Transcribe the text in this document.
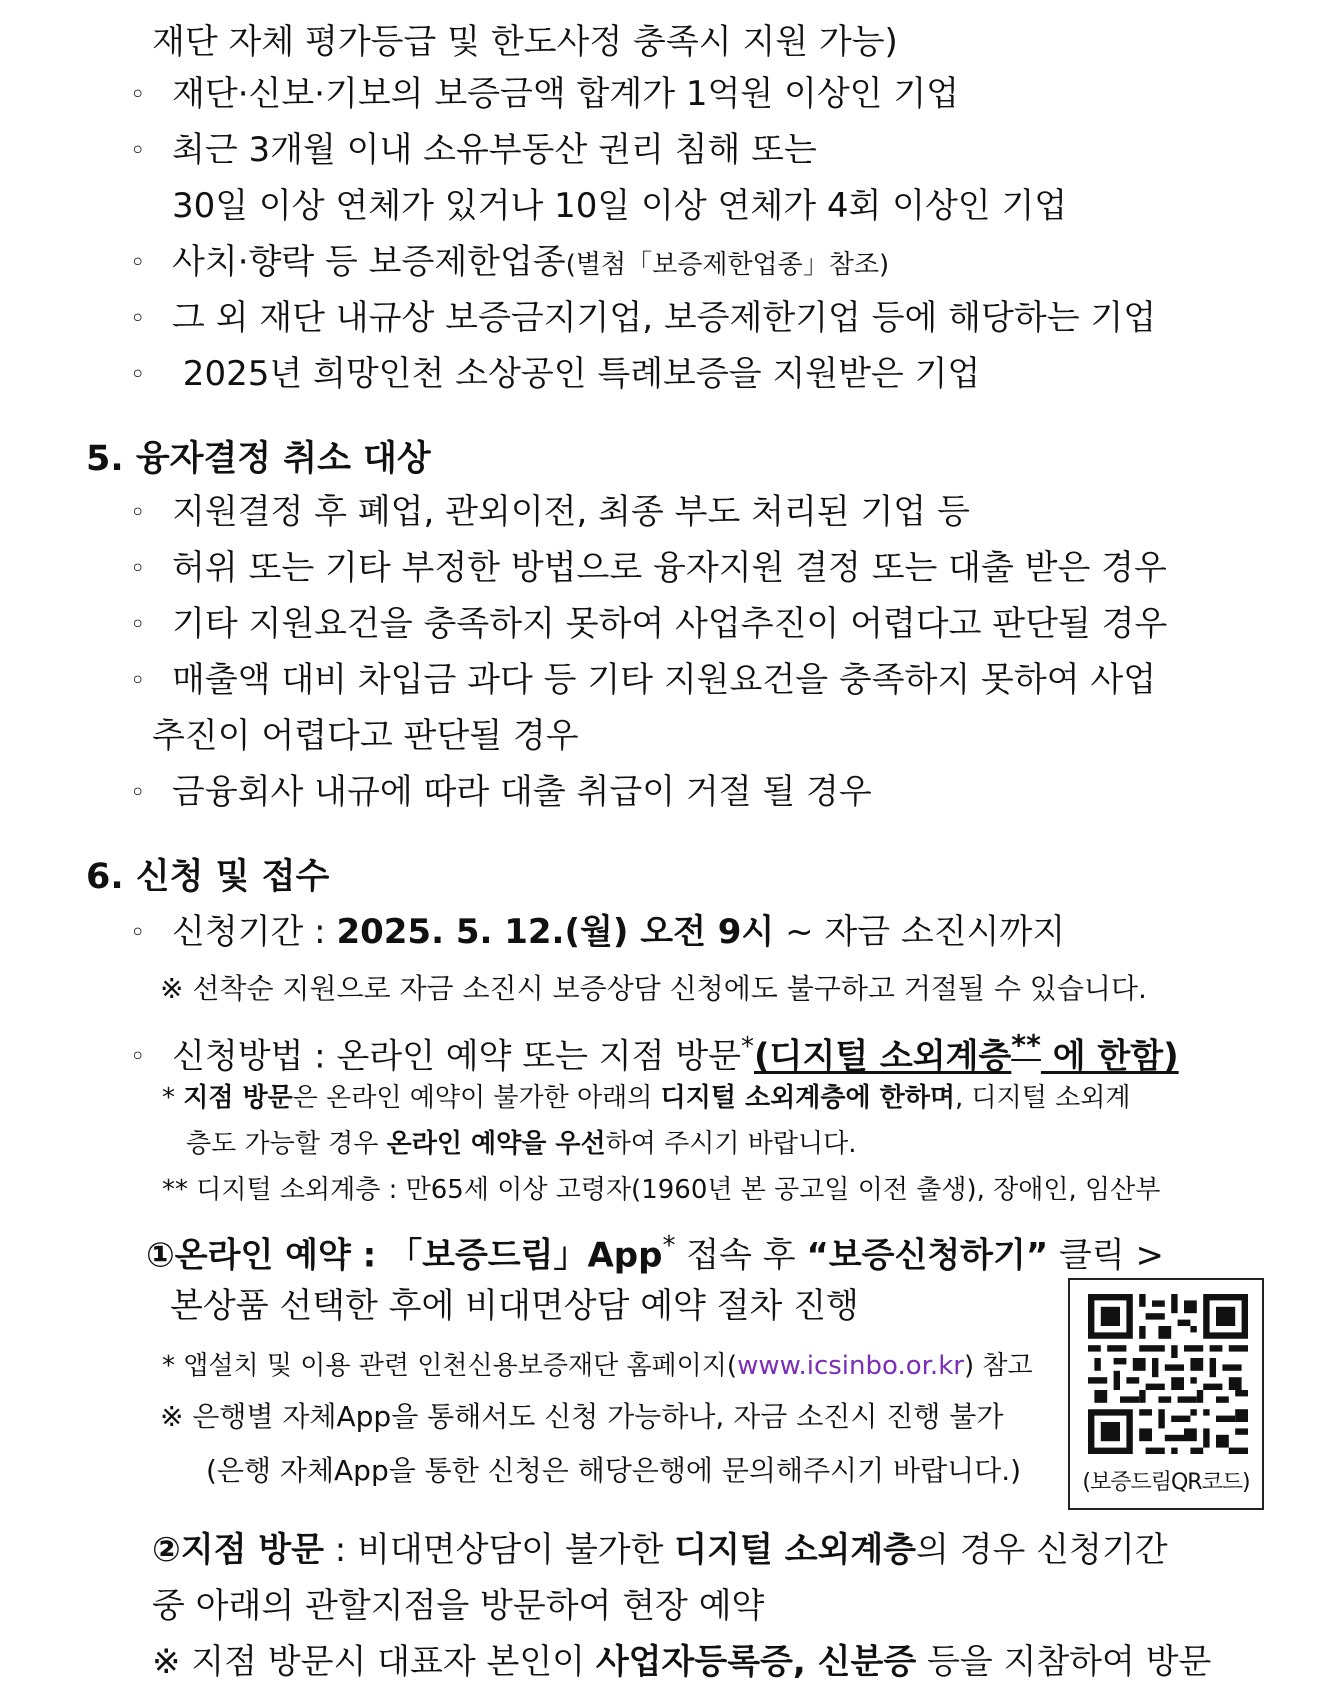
재단 자체 평가등급 및 한도사정 충족시 지원 가능)
◦ 재단·신보·기보의 보증금액 합계가 1억원 이상인 기업
◦ 최근 3개월 이내 소유부동산 권리 침해 또는
30일 이상 연체가 있거나 10일 이상 연체가 4회 이상인 기업
◦ 사치·향락 등 보증제한업종(별첨「보증제한업종」참조)
◦ 그 외 재단 내규상 보증금지기업, 보증제한기업 등에 해당하는 기업
◦ 2025년 희망인천 소상공인 특례보증을 지원받은 기업
5. 융자결정 취소 대상
◦ 지원결정 후 폐업, 관외이전, 최종 부도 처리된 기업 등
◦ 허위 또는 기타 부정한 방법으로 융자지원 결정 또는 대출 받은 경우
◦ 기타 지원요건을 충족하지 못하여 사업추진이 어렵다고 판단될 경우
◦ 매출액 대비 차입금 과다 등 기타 지원요건을 충족하지 못하여 사업
추진이 어렵다고 판단될 경우
◦ 금융회사 내규에 따라 대출 취급이 거절 될 경우
6. 신청 및 접수
◦ 신청기간 : 2025. 5. 12.(월) 오전 9시 ~ 자금 소진시까지
※ 선착순 지원으로 자금 소진시 보증상담 신청에도 불구하고 거절될 수 있습니다.
◦ 신청방법 : 온라인 예약 또는 지점 방문*(디지털 소외계층** 에 한함)
* 지점 방문은 온라인 예약이 불가한 아래의 디지털 소외계층에 한하며, 디지털 소외계
층도 가능할 경우 온라인 예약을 우선하여 주시기 바랍니다.
** 디지털 소외계층 : 만65세 이상 고령자(1960년 본 공고일 이전 출생), 장애인, 임산부
①온라인 예약 : 「보증드림」App* 접속 후 “보증신청하기” 클릭 >
본상품 선택한 후에 비대면상담 예약 절차 진행
* 앱설치 및 이용 관련 인천신용보증재단 홈페이지(www.icsinbo.or.kr) 참고
※ 은행별 자체App을 통해서도 신청 가능하나, 자금 소진시 진행 불가
(은행 자체App을 통한 신청은 해당은행에 문의해주시기 바랍니다.)	(보증드림QR코드)
②지점 방문 : 비대면상담이 불가한 디지털 소외계층의 경우 신청기간
중 아래의 관할지점을 방문하여 현장 예약
※ 지점 방문시 대표자 본인이 사업자등록증, 신분증 등을 지참하여 방문
